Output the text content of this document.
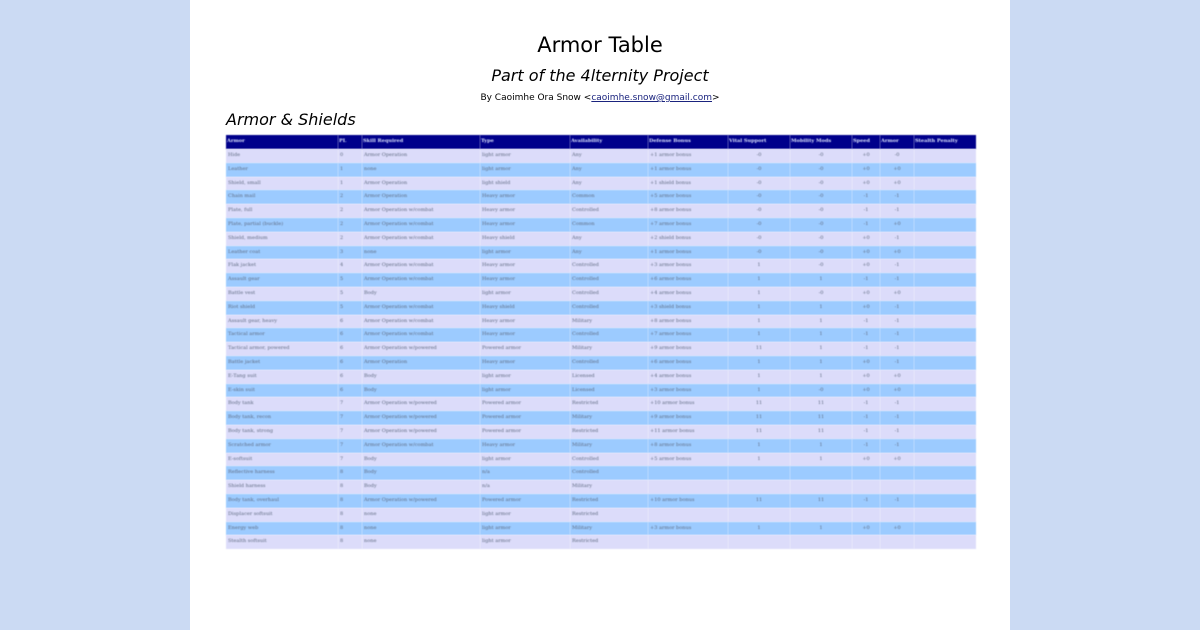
Armor Table
Part of the 4lternity Project
By Caoimhe Ora Snow <caoimhe.snow@gmail.com>
Armor & Shields
Armor	PL	Skill Required	Type	Availability	Defense Bonus	Vital Support	Mobility Mods	Speed	Armor	Stealth Penalty
Hide	0	Armor Operation	light armor	Any	+1 armor bonus	-0	-0	+0	-0	
Leather	1	none	light armor	Any	+1 armor bonus	-0	-0	+0	+0	
Shield, small	1	Armor Operation	light shield	Any	+1 shield bonus	-0	-0	+0	+0	
Chain mail	2	Armor Operation	Heavy armor	Common	+5 armor bonus	-0	-0	-1	-1	
Plate, full	2	Armor Operation w/combat	Heavy armor	Controlled	+8 armor bonus	-0	-0	-1	-1	
Plate, partial (buckle)	2	Armor Operation w/combat	Heavy armor	Common	+7 armor bonus	-0	-0	-1	+0	
Shield, medium	2	Armor Operation w/combat	Heavy shield	Any	+2 shield bonus	-0	-0	+0	-1	
Leather coat	3	none	light armor	Any	+1 armor bonus	-0	-0	+0	+0	
Flak jacket	4	Armor Operation w/combat	Heavy armor	Controlled	+3 armor bonus	1	-0	+0	-1	
Assault gear	5	Armor Operation w/combat	Heavy armor	Controlled	+6 armor bonus	1	1	-1	-1	
Battle vest	5	Body	light armor	Controlled	+4 armor bonus	1	-0	+0	+0	
Riot shield	5	Armor Operation w/combat	Heavy shield	Controlled	+3 shield bonus	1	1	+0	-1	
Assault gear, heavy	6	Armor Operation w/combat	Heavy armor	Military	+8 armor bonus	1	1	-1	-1	
Tactical armor	6	Armor Operation w/combat	Heavy armor	Controlled	+7 armor bonus	1	1	-1	-1	
Tactical armor, powered	6	Armor Operation w/powered	Powered armor	Military	+9 armor bonus	11	1	-1	-1	
Battle jacket	6	Armor Operation	Heavy armor	Controlled	+6 armor bonus	1	1	+0	-1	
E-Tang suit	6	Body	light armor	Licensed	+4 armor bonus	1	1	+0	+0	
E-skin suit	6	Body	light armor	Licensed	+3 armor bonus	1	-0	+0	+0	
Body tank	7	Armor Operation w/powered	Powered armor	Restricted	+10 armor bonus	11	11	-1	-1	
Body tank, recon	7	Armor Operation w/powered	Powered armor	Military	+9 armor bonus	11	11	-1	-1	
Body tank, strong	7	Armor Operation w/powered	Powered armor	Restricted	+11 armor bonus	11	11	-1	-1	
Scratched armor	7	Armor Operation w/combat	Heavy armor	Military	+8 armor bonus	1	1	-1	-1	
E-softsuit	7	Body	light armor	Controlled	+5 armor bonus	1	1	+0	+0	
Reflective harness	8	Body	n/a	Controlled						
Shield harness	8	Body	n/a	Military						
Body tank, overhaul	8	Armor Operation w/powered	Powered armor	Restricted	+10 armor bonus	11	11	-1	-1	
Displacer softsuit	8	none	light armor	Restricted						
Energy web	8	none	light armor	Military	+3 armor bonus	1	1	+0	+0	
Stealth softsuit	8	none	light armor	Restricted						
